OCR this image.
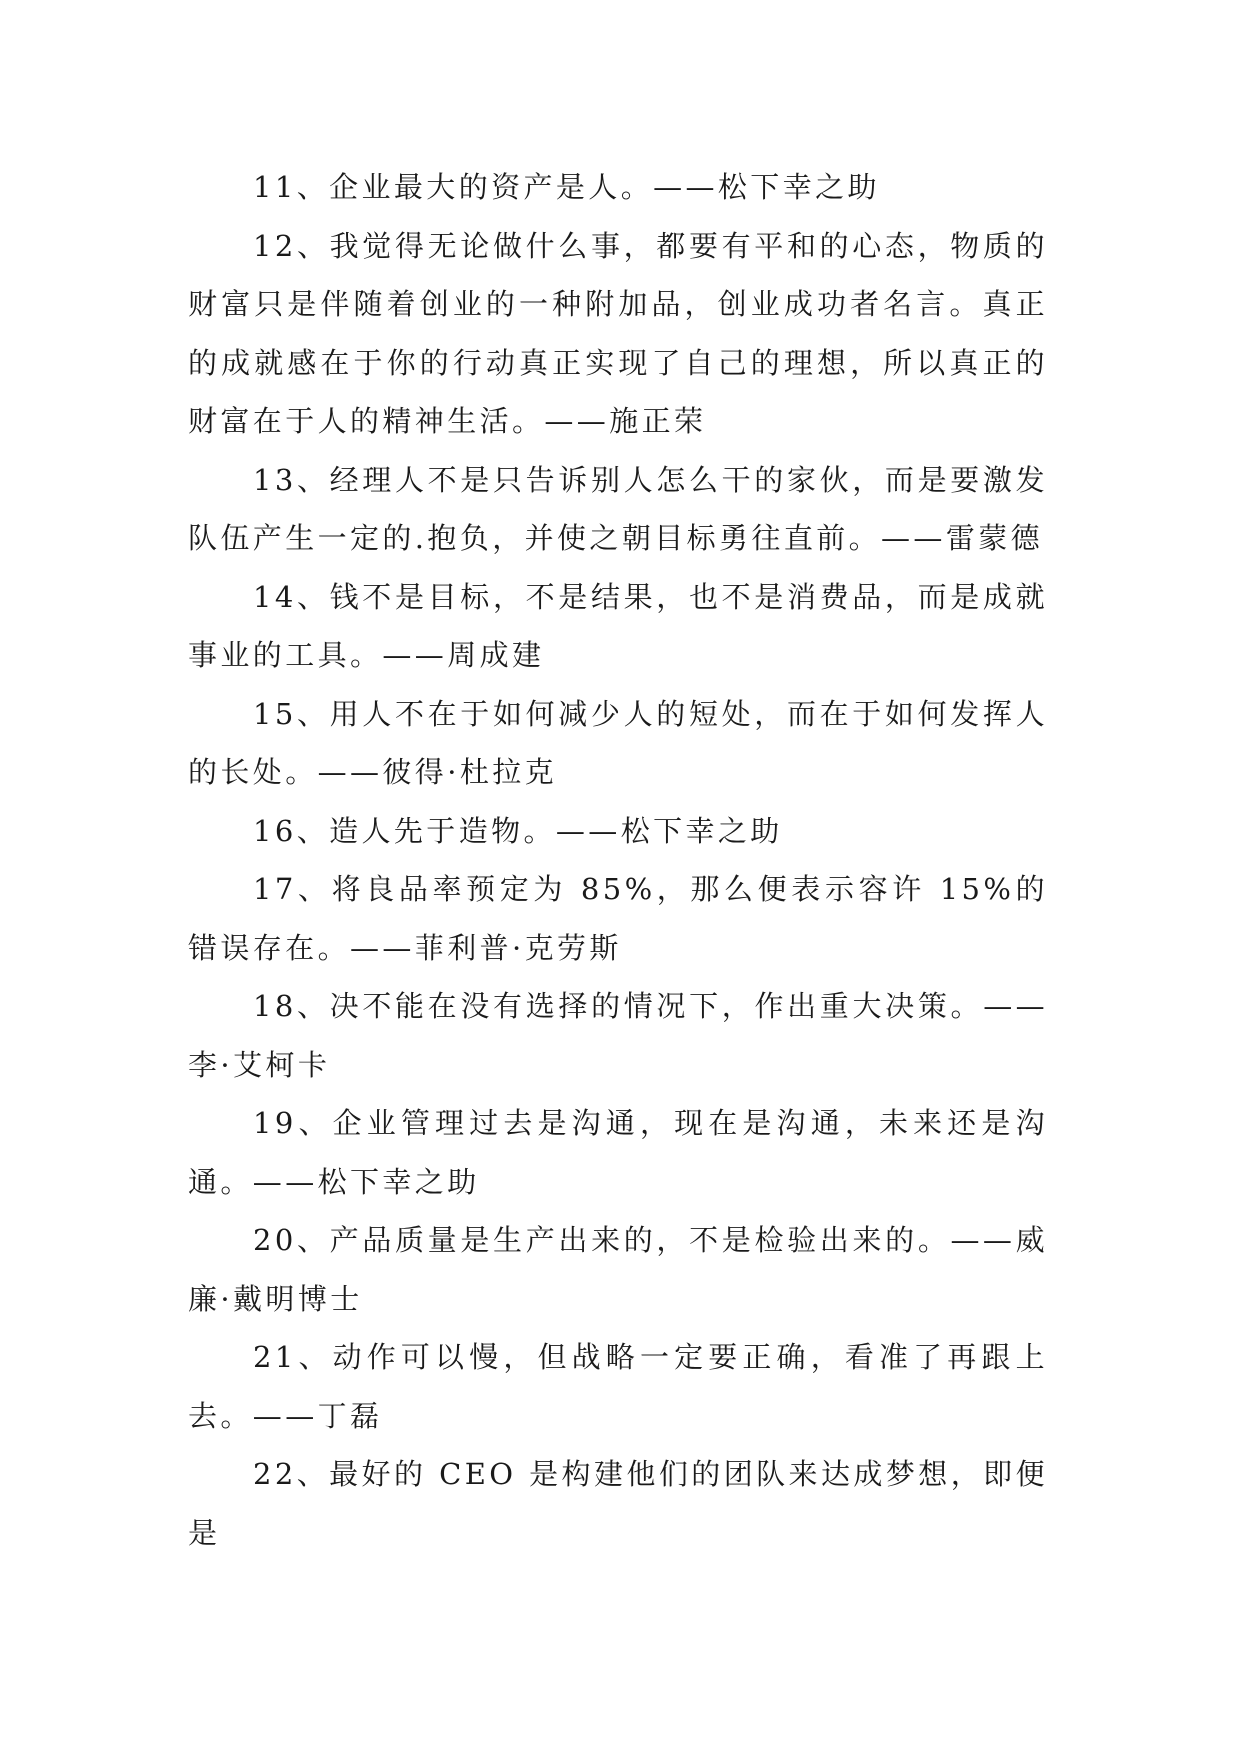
11、企业最大的资产是人。——松下幸之助

12、我觉得无论做什么事，都要有平和的心态，物质的财富只是伴随着创业的一种附加品，创业成功者名言。真正的成就感在于你的行动真正实现了自己的理想，所以真正的财富在于人的精神生活。——施正荣

13、经理人不是只告诉别人怎么干的家伙，而是要激发队伍产生一定的.抱负，并使之朝目标勇往直前。——雷蒙德

14、钱不是目标，不是结果，也不是消费品，而是成就事业的工具。——周成建

15、用人不在于如何减少人的短处，而在于如何发挥人的长处。——彼得·杜拉克

16、造人先于造物。——松下幸之助

17、将良品率预定为 85%，那么便表示容许 15%的错误存在。——菲利普·克劳斯

18、决不能在没有选择的情况下，作出重大决策。——李·艾柯卡

19、企业管理过去是沟通，现在是沟通，未来还是沟通。——松下幸之助

20、产品质量是生产出来的，不是检验出来的。——威廉·戴明博士

21、动作可以慢，但战略一定要正确，看准了再跟上去。——丁磊

22、最好的 CEO 是构建他们的团队来达成梦想，即便是
